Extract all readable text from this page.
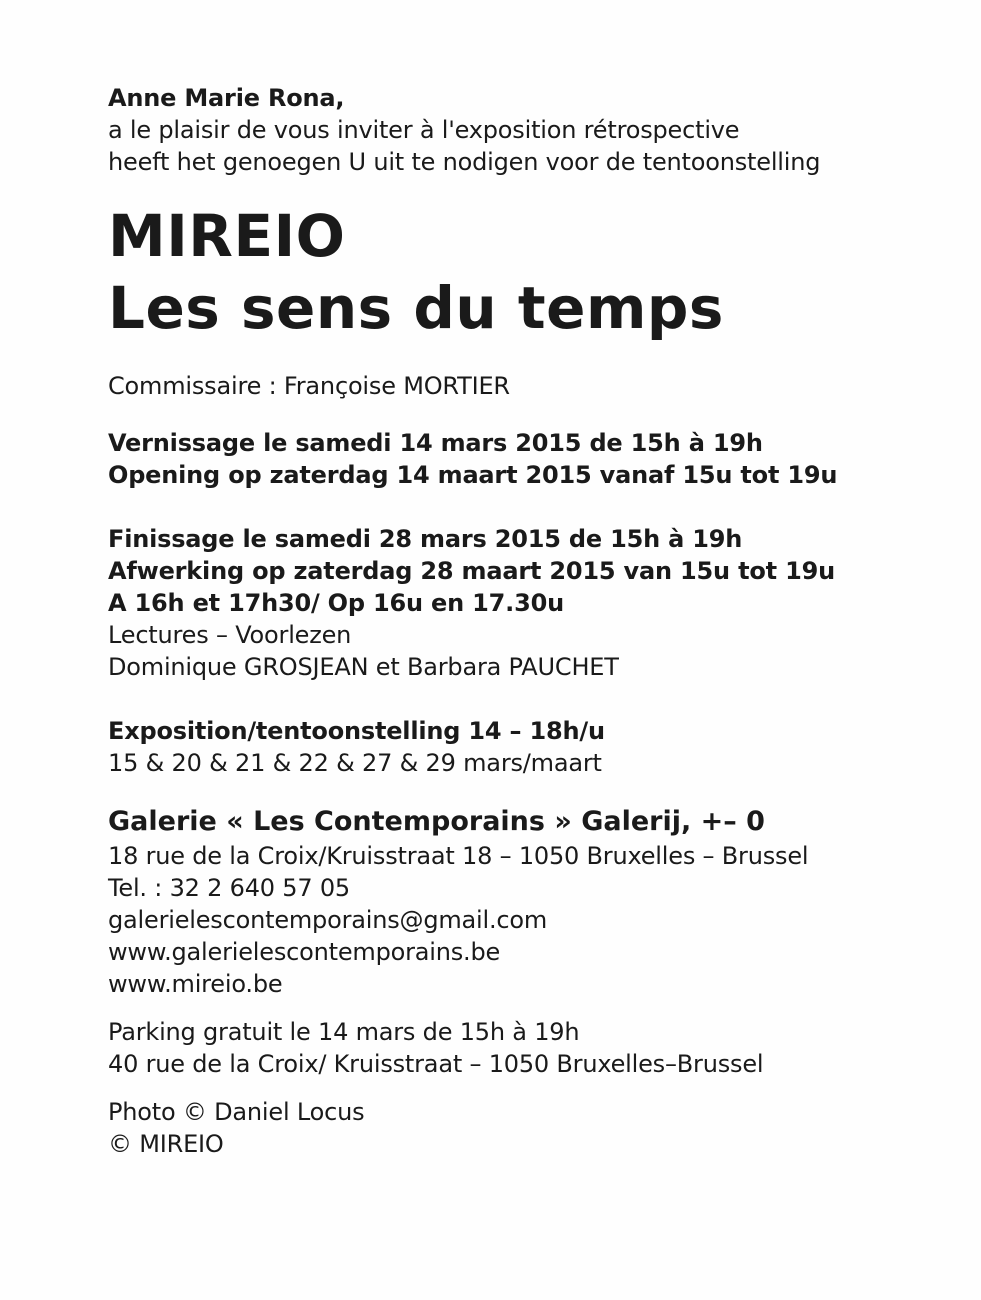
Anne Marie Rona,
a le plaisir de vous inviter à l'exposition rétrospective
heeft het genoegen U uit te nodigen voor de tentoonstelling
MIREIO
Les sens du temps
Commissaire : Françoise MORTIER
Vernissage le samedi 14 mars 2015 de 15h à 19h
Opening op zaterdag 14 maart 2015 vanaf 15u tot 19u
Finissage le samedi 28 mars 2015 de 15h à 19h
Afwerking op zaterdag 28 maart 2015 van 15u tot 19u
A 16h et 17h30/ Op 16u en 17.30u
Lectures – Voorlezen
Dominique GROSJEAN et Barbara PAUCHET
Exposition/tentoonstelling 14 – 18h/u
15 & 20 & 21 & 22 & 27 & 29 mars/maart
Galerie « Les Contemporains » Galerij, +– 0
18 rue de la Croix/Kruisstraat 18 – 1050 Bruxelles – Brussel
Tel. : 32 2 640 57 05
galerielescontemporains@gmail.com
www.galerielescontemporains.be
www.mireio.be
Parking gratuit le 14 mars de 15h à 19h
40 rue de la Croix/ Kruisstraat – 1050 Bruxelles–Brussel
Photo © Daniel Locus
© MIREIO
